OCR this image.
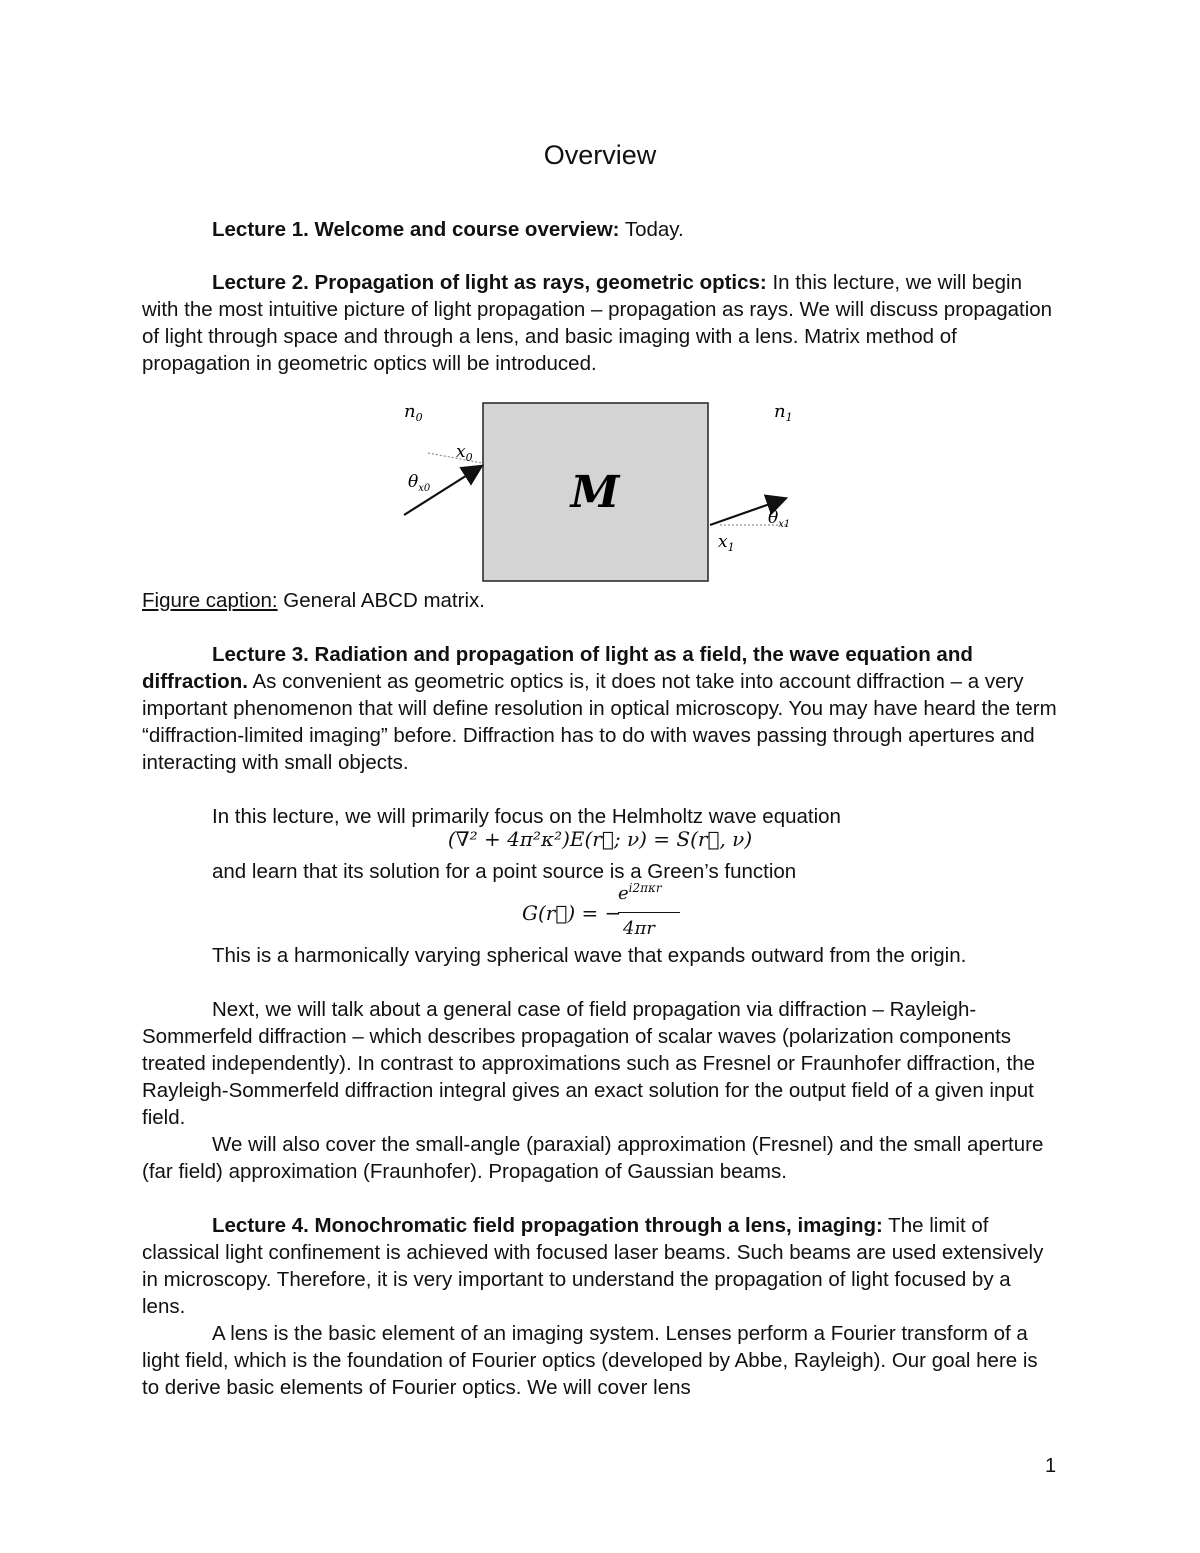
Overview
Lecture 1. Welcome and course overview: Today.
Lecture 2. Propagation of light as rays, geometric optics: In this lecture, we will begin with the most intuitive picture of light propagation – propagation as rays. We will discuss propagation of light through space and through a lens, and basic imaging with a lens. Matrix method of propagation in geometric optics will be introduced.
M
$n_0$	$n_1$
$x_0$
$\theta_{x0}$
$x_1$
$\theta_{x1}$
Figure caption: General ABCD matrix.
Lecture 3. Radiation and propagation of light as a field, the wave equation and diffraction. As convenient as geometric optics is, it does not take into account diffraction – a very important phenomenon that will define resolution in optical microscopy. You may have heard the term “diffraction-limited imaging” before. Diffraction has to do with waves passing through apertures and interacting with small objects.
In this lecture, we will primarily focus on the Helmholtz wave equation
(∇² + 4π²κ²)E(r⃗; ν) = S(r⃗, ν)
and learn that its solution for a point source is a Green’s function
G(r⃗) = −
$e^{i2\pi\kappa r}$
4πr
This is a harmonically varying spherical wave that expands outward from the origin.
Next, we will talk about a general case of field propagation via diffraction – Rayleigh-Sommerfeld diffraction – which describes propagation of scalar waves (polarization components treated independently). In contrast to approximations such as Fresnel or Fraunhofer diffraction, the Rayleigh-Sommerfeld diffraction integral gives an exact solution for the output field of a given input field.
We will also cover the small-angle (paraxial) approximation (Fresnel) and the small aperture (far field) approximation (Fraunhofer). Propagation of Gaussian beams.
Lecture 4. Monochromatic field propagation through a lens, imaging: The limit of classical light confinement is achieved with focused laser beams. Such beams are used extensively in microscopy. Therefore, it is very important to understand the propagation of light focused by a lens.
A lens is the basic element of an imaging system. Lenses perform a Fourier transform of a light field, which is the foundation of Fourier optics (developed by Abbe, Rayleigh). Our goal here is to derive basic elements of Fourier optics. We will cover lens
1
